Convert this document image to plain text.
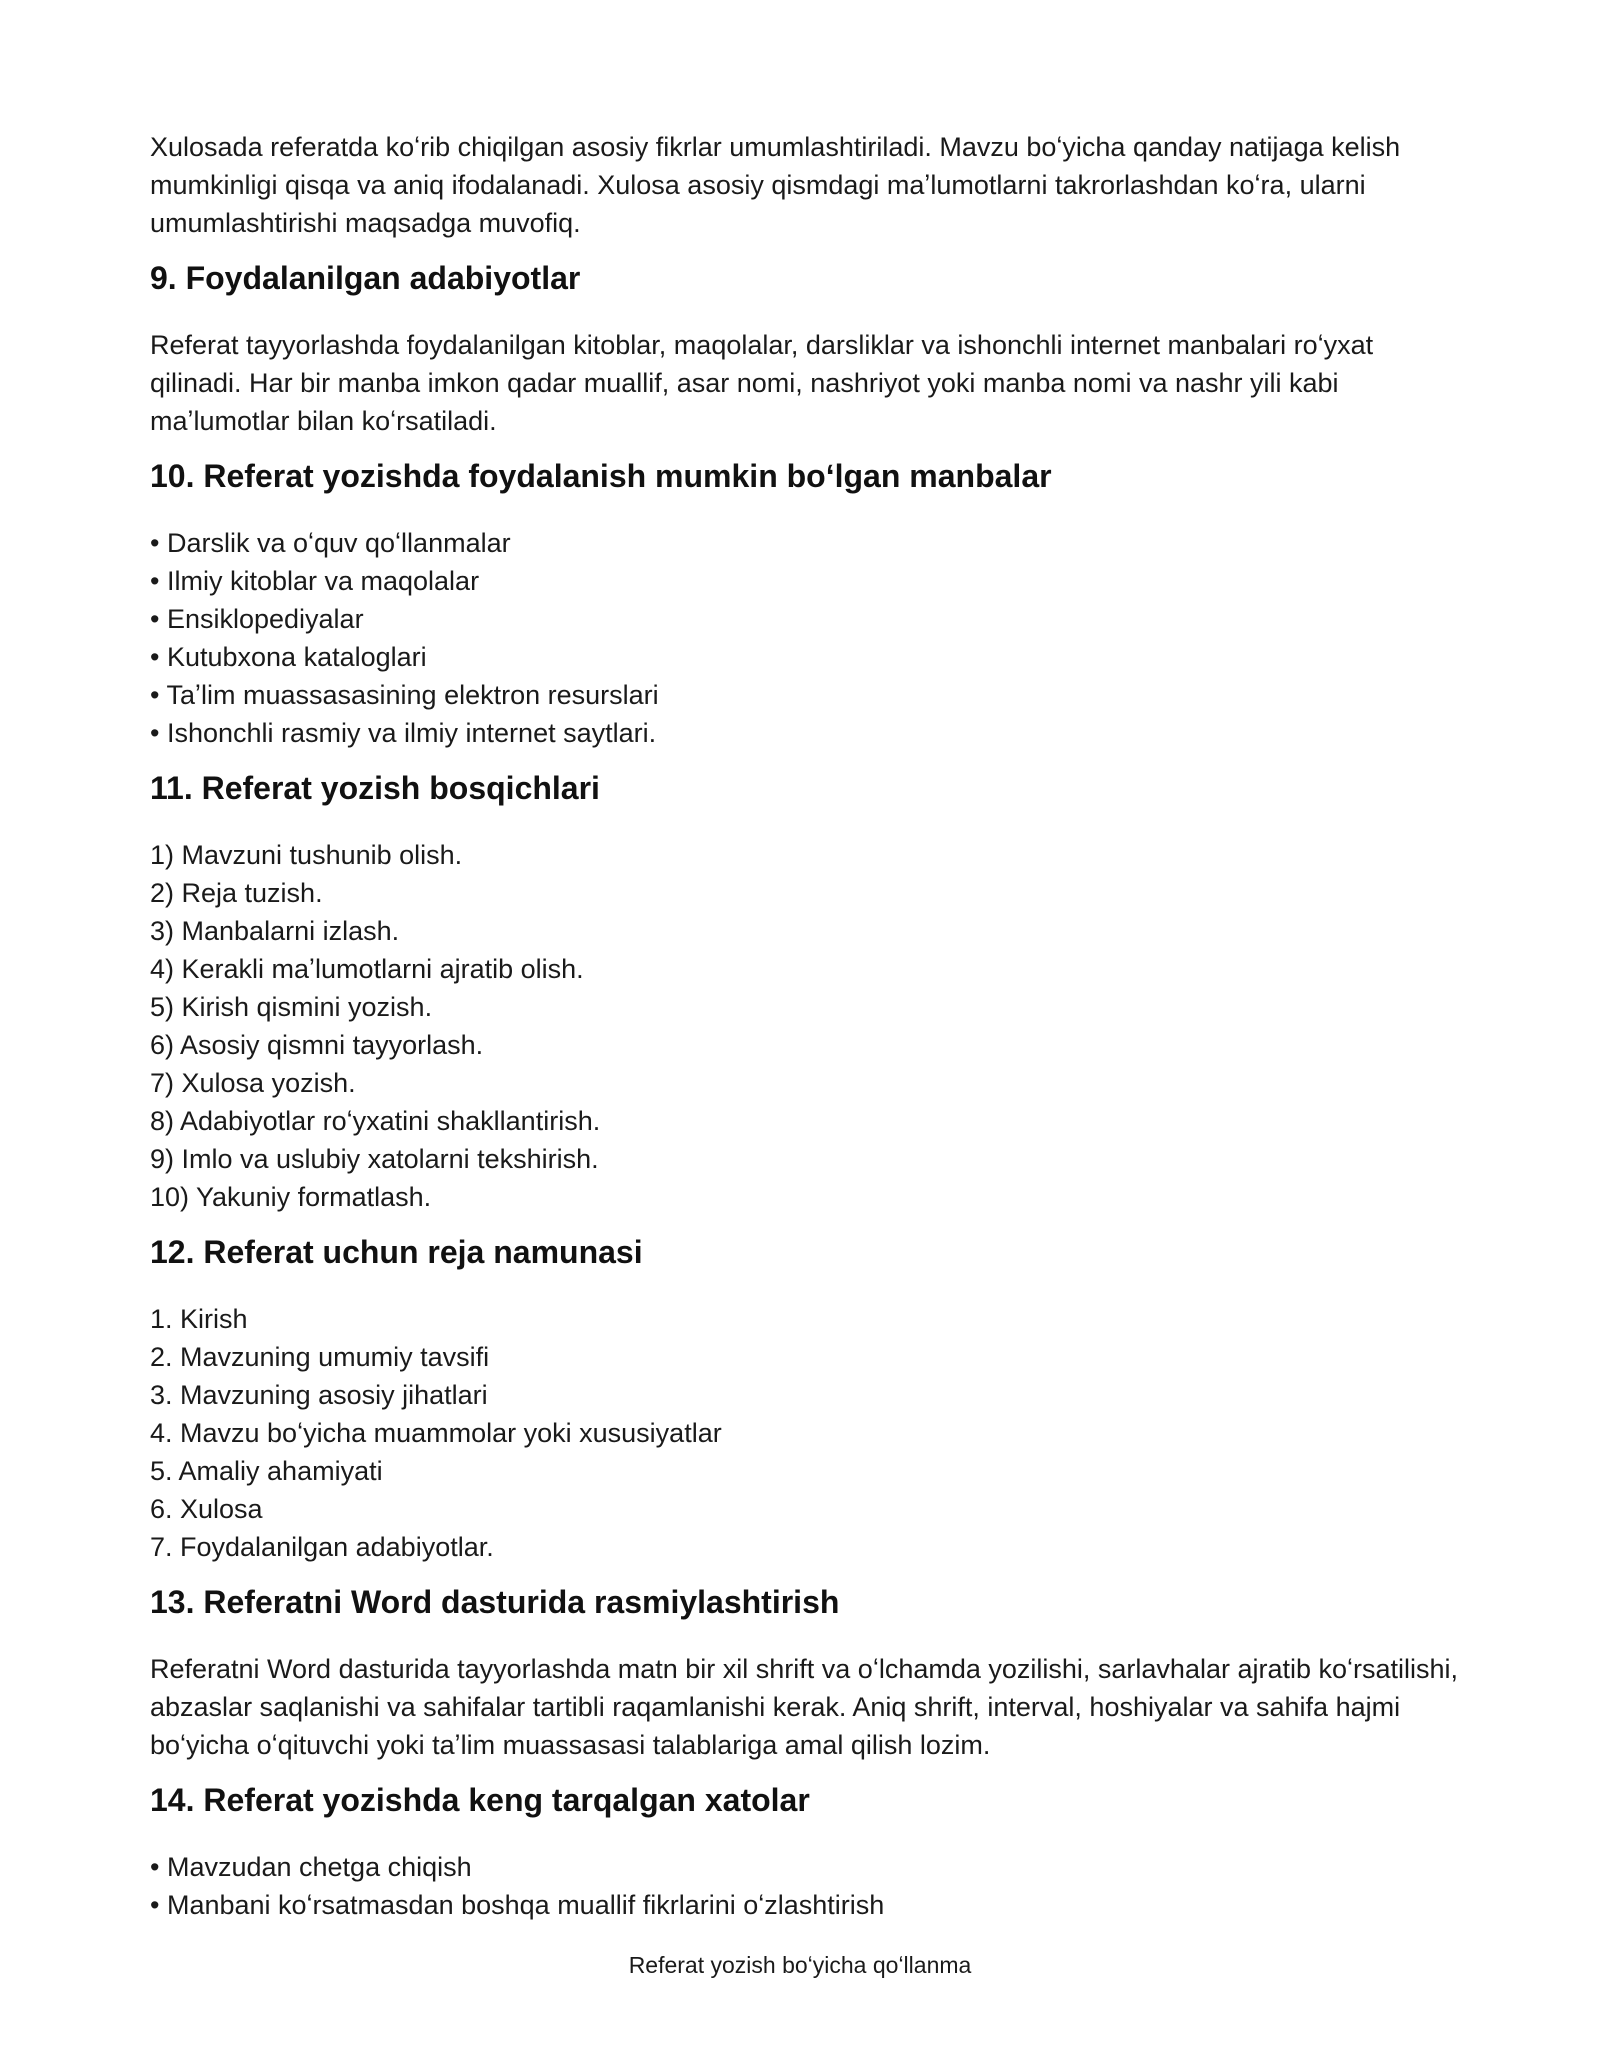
Xulosada referatda koʻrib chiqilgan asosiy fikrlar umumlashtiriladi. Mavzu boʻyicha qanday natijaga kelish mumkinligi qisqa va aniq ifodalanadi. Xulosa asosiy qismdagi maʼlumotlarni takrorlashdan koʻra, ularni umumlashtirishi maqsadga muvofiq.

9. Foydalanilgan adabiyotlar

Referat tayyorlashda foydalanilgan kitoblar, maqolalar, darsliklar va ishonchli internet manbalari roʻyxat qilinadi. Har bir manba imkon qadar muallif, asar nomi, nashriyot yoki manba nomi va nashr yili kabi maʼlumotlar bilan koʻrsatiladi.

10. Referat yozishda foydalanish mumkin boʻlgan manbalar
• Darslik va oʻquv qoʻllanmalar
• Ilmiy kitoblar va maqolalar
• Ensiklopediyalar
• Kutubxona kataloglari
• Taʼlim muassasasining elektron resurslari
• Ishonchli rasmiy va ilmiy internet saytlari.
11. Referat yozish bosqichlari
1) Mavzuni tushunib olish.
2) Reja tuzish.
3) Manbalarni izlash.
4) Kerakli maʼlumotlarni ajratib olish.
5) Kirish qismini yozish.
6) Asosiy qismni tayyorlash.
7) Xulosa yozish.
8) Adabiyotlar roʻyxatini shakllantirish.
9) Imlo va uslubiy xatolarni tekshirish.
10) Yakuniy formatlash.
12. Referat uchun reja namunasi
1. Kirish
2. Mavzuning umumiy tavsifi
3. Mavzuning asosiy jihatlari
4. Mavzu boʻyicha muammolar yoki xususiyatlar
5. Amaliy ahamiyati
6. Xulosa
7. Foydalanilgan adabiyotlar.
13. Referatni Word dasturida rasmiylashtirish

Referatni Word dasturida tayyorlashda matn bir xil shrift va oʻlchamda yozilishi, sarlavhalar ajratib koʻrsatilishi, abzaslar saqlanishi va sahifalar tartibli raqamlanishi kerak. Aniq shrift, interval, hoshiyalar va sahifa hajmi boʻyicha oʻqituvchi yoki taʼlim muassasasi talablariga amal qilish lozim.

14. Referat yozishda keng tarqalgan xatolar
• Mavzudan chetga chiqish
• Manbani koʻrsatmasdan boshqa muallif fikrlarini oʻzlashtirish
Referat yozish boʻyicha qoʻllanma
